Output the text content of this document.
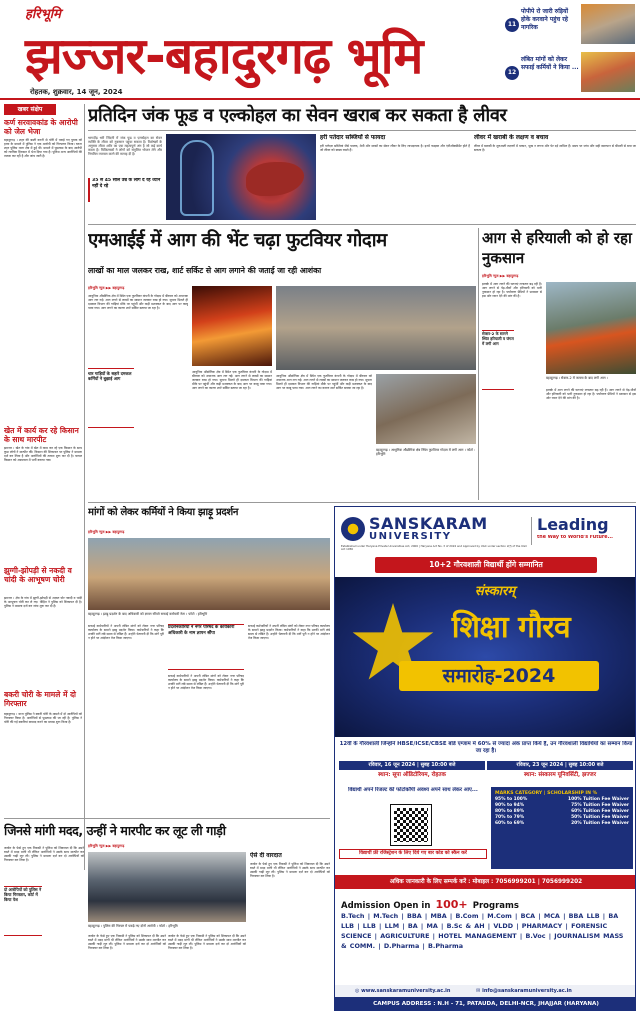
हरिभूमि
झज्जर-बहादुरगढ़ भूमि
रोहतक, शुक्रवार, 14 जून, 2024
11
पोपीपे रो जारी रुड़ियों होके करवाने पहुंच रहे नागरिक
12
लंबित मांगों को लेकर सफाई कर्मियों ने किया ...
खबर संक्षेप
कर्ण सरवावकांड के आरोपी को जेल भेजा
बहादुरगढ़ । शहर की बस्ती करनी से चोरी में पकड़े गए युवक को हत्या के मामले में पुलिस ने एक आरोपी को गिरफ्तार किया। घटना शहर पुलिस थाना क्षेत्र में हुई थी। मामले में पूछताछ के बाद आरोपी को न्यायिक हिरासत में भेज दिया गया है। पुलिस अन्य आरोपियों की तलाश कर रही है और जांच जारी है।
खेत में कार्य कर रहे किसान के साथ मारपीट
झज्जर । खेत के गांव में खेत में काम कर रहे एक किसान के साथ कुछ लोगों ने मारपीट की। किसान की शिकायत पर पुलिस ने मामला दर्ज कर लिया है और आरोपियों की तलाश शुरू कर दी है। घायल किसान को अस्पताल में भर्ती कराया गया।
झुग्गी-झोपड़ी से नकदी व चांदी के आभूषण चोरी
झज्जर । क्षेत्र के गांव में झुग्गी-झोपड़ी से अज्ञात चोर नकदी व चांदी के आभूषण चोरी कर ले गए। पीड़ित ने पुलिस को शिकायत दी है। पुलिस ने मामला दर्ज कर जांच शुरू कर दी है।
बकरी चोरी के मामले में दो गिरफ्तार
बहादुरगढ़ । थाना पुलिस ने बकरी चोरी के मामले में दो आरोपियों को गिरफ्तार किया है। आरोपियों से पूछताछ की जा रही है। पुलिस ने चोरी की गई बकरियां बरामद करने का प्रयास शुरू किया है।
प्रतिदिन जंक फूड व एल्कोहल का सेवन खराब कर सकता है लीवर
भागदौड़ भरी जिंदगी में जंक फूड व एल्कोहल का सेवन व्यक्ति के लीवर को नुकसान पहुंचा सकता है। विशेषज्ञों के अनुसार लीवर शरीर का एक महत्वपूर्ण अंग है जो कई कार्य करता है। चिकित्सकों ने लोगों को संतुलित भोजन लेने और नियमित व्यायाम करने की सलाह दी है।
35 से 45 साल उम्र के लोग दे रहे ध्यान नहीं दे रहे
हरी पतेदार सब्जियों से फायदा
हरी पत्तेदार सब्जियां जैसे पालक, मेथी और सरसों का सेवन लीवर के लिए लाभदायक है। इनमें फाइबर और एंटीऑक्सीडेंट होते हैं जो लीवर को स्वस्थ रखते हैं।
लीवर में खराबी के लक्षण व बचाव
लीवर में खराबी के शुरुआती लक्षणों में थकान, भूख न लगना और पेट दर्द शामिल हैं। समय पर जांच और सही खानपान से बीमारी से बचा जा सकता है।
एमआईई में आग की भेंट चढ़ा फुटवियर गोदाम
लाखों का माल जलकर राख, शार्ट सर्किट से आग लगाने की जताई जा रही आशंका
हरिभूमि न्यूज ▶▶ बहादुरगढ़
आधुनिक औद्योगिक क्षेत्र में स्थित एक फुटवियर कंपनी के गोदाम में बीरवार को अचानक आग लग गई। आग लगने से लाखों का सामान जलकर राख हो गया। सूचना मिलते ही दमकल विभाग की गाड़ियां मौके पर पहुंचीं और कड़ी मशक्कत के बाद आग पर काबू पाया गया। आग लगने का कारण शार्ट सर्किट बताया जा रहा है।
चार गाड़ियों के सहारे दमकल कर्मियों ने बुझाई आग
आधुनिक औद्योगिक क्षेत्र में स्थित एक फुटवियर कंपनी के गोदाम में बीरवार को अचानक आग लग गई। आग लगने से लाखों का सामान जलकर राख हो गया। सूचना मिलते ही दमकल विभाग की गाड़ियां मौके पर पहुंचीं और कड़ी मशक्कत के बाद आग पर काबू पाया गया। आग लगने का कारण शार्ट सर्किट बताया जा रहा है।
आधुनिक औद्योगिक क्षेत्र में स्थित एक फुटवियर कंपनी के गोदाम में बीरवार को अचानक आग लग गई। आग लगने से लाखों का सामान जलकर राख हो गया। सूचना मिलते ही दमकल विभाग की गाड़ियां मौके पर पहुंचीं और कड़ी मशक्कत के बाद आग पर काबू पाया गया। आग लगने का कारण शार्ट सर्किट बताया जा रहा है।
बहादुरगढ़ । आधुनिक औद्योगिक क्षेत्र स्थित फुटवियर गोदाम में लगी आग । फोटो : हरिभूमि
आग से हरियाली को हो रहा नुकसान
हरिभूमि न्यूज ▶▶ बहादुरगढ़
इलाके में आग लगने की घटनाएं लगातार बढ़ रही हैं। आग लगने से पेड़-पौधों और हरियाली को भारी नुकसान हो रहा है। पर्यावरण प्रेमियों ने प्रशासन से इस ओर ध्यान देने की मांग की है।
सेक्टर-2 के सामने स्थित हरियाली व जंगल में लगी आग
बहादुरगढ़ । सेक्टर-2 में जलता के बाद लगी आग ।
इलाके में आग लगने की घटनाएं लगातार बढ़ रही हैं। आग लगने से पेड़-पौधों और हरियाली को भारी नुकसान हो रहा है। पर्यावरण प्रेमियों ने प्रशासन से इस ओर ध्यान देने की मांग की है।
मांगों को लेकर कर्मियों ने किया झाड़ू प्रदर्शन
हरिभूमि न्यूज ▶▶ बहादुरगढ़
बहादुरगढ़ । झाड़ू प्रदर्शन के बाद अधिकारी को ज्ञापन सौंपते सफाई कर्मचारी नेता । फोटो : हरिभूमि
सफाई कर्मचारियों ने अपनी लंबित मांगों को लेकर नगर परिषद कार्यालय के सामने झाड़ू प्रदर्शन किया। कर्मचारियों ने कहा कि उनकी मांगें लंबे समय से लंबित हैं। उन्होंने चेतावनी दी कि मांगें पूरी न होने पर आंदोलन तेज किया जाएगा।
प्रदर्शनकारियों ने नगर परिषद के कार्यकारी अधिकारी के नाम ज्ञापन सौंपा
सफाई कर्मचारियों ने अपनी लंबित मांगों को लेकर नगर परिषद कार्यालय के सामने झाड़ू प्रदर्शन किया। कर्मचारियों ने कहा कि उनकी मांगें लंबे समय से लंबित हैं। उन्होंने चेतावनी दी कि मांगें पूरी न होने पर आंदोलन तेज किया जाएगा।
सफाई कर्मचारियों ने अपनी लंबित मांगों को लेकर नगर परिषद कार्यालय के सामने झाड़ू प्रदर्शन किया। कर्मचारियों ने कहा कि उनकी मांगें लंबे समय से लंबित हैं। उन्होंने चेतावनी दी कि मांगें पूरी न होने पर आंदोलन तेज किया जाएगा।
जिनसे मांगी मदद, उन्हीं ने मारपीट कर लूट ली गाड़ी
हरिभूमि न्यूज ▶▶ बहादुरगढ़
जरबेन के फेसे हुए एक निवासी ने पुलिस को शिकायत दी कि उसने रास्ते में मदद मांगी थी लेकिन आरोपियों ने उसके साथ मारपीट कर उसकी गाड़ी लूट ली। पुलिस ने मामला दर्ज कर दो आरोपियों को गिरफ्तार कर लिया है।
दो आरोपियों को पुलिस ने किया गिरफ्तार, कोर्ट में किया पेश
बहादुरगढ़ । पुलिस की गिरफ्त में पकड़े गए दोनों आरोपी । फोटो : हरिभूमि
जरबेन के फेसे हुए एक निवासी ने पुलिस को शिकायत दी कि उसने रास्ते में मदद मांगी थी लेकिन आरोपियों ने उसके साथ मारपीट कर उसकी गाड़ी लूट ली। पुलिस ने मामला दर्ज कर दो आरोपियों को गिरफ्तार कर लिया है।
जरबेन के फेसे हुए एक निवासी ने पुलिस को शिकायत दी कि उसने रास्ते में मदद मांगी थी लेकिन आरोपियों ने उसके साथ मारपीट कर उसकी गाड़ी लूट ली। पुलिस ने मामला दर्ज कर दो आरोपियों को गिरफ्तार कर लिया है।
ऐसे दी वारदात
जरबेन के फेसे हुए एक निवासी ने पुलिस को शिकायत दी कि उसने रास्ते में मदद मांगी थी लेकिन आरोपियों ने उसके साथ मारपीट कर उसकी गाड़ी लूट ली। पुलिस ने मामला दर्ज कर दो आरोपियों को गिरफ्तार कर लिया है।
SANSKARAM
UNIVERSITY
Leading
the Way to World's Future...
Established under Haryana Private Universities Act, 2006 | Haryana Act No. 3 of 2024 and Approved by UGC under section 2(f) of the UGC Act 1956
10+2 गौरवशाली विद्यार्थी होंगे सम्मानित
संस्कारम्
शिक्षा गौरव
समारोह-2024
12वीं के गौरवशाली जिन्होंने HBSE/ICSE/CBSE बोर्ड एग्जाम में 60% से ज्यादा अंक प्राप्त किये हैं, उन गौरवशाली विद्यार्थियों का सम्मान किया जा रहा है।
रविवार, 16 जून 2024 | सुबह 10:00 बजे
स्थान: सूपा ऑडिटोरियम, रोहतक
रविवार, 23 जून 2024 | सुबह 10:00 बजे
स्थान: संस्कारम यूनिवर्सिटी, झज्जर
विद्यार्थी अपने रिजल्ट की फोटोकॉपी अवश्य अपने साथ लेकर आए...
विद्यार्थी फ्री रजिस्ट्रेशन के लिए दिये गए बार कोड को स्कैन करें
MARKS CATEGORY | SCHOLARSHIP IN %
95% to 100%	100% Tuition Fee Waiver
90% to 94%	75% Tuition Fee Waiver
80% to 89%	60% Tuition Fee Waiver
70% to 79%	50% Tuition Fee Waiver
60% to 69%	20% Tuition Fee Waiver
अधिक जानकारी के लिए सम्पर्क करें : मोबाइल : 7056999201 | 7056999202
Admission Open in 100+ Programs
B.Tech | M.Tech | BBA | MBA | B.Com | M.Com | BCA | MCA | BBA LLB | BA LLB | LLB | LLM | BA | MA | B.Sc & AH | VLDD | PHARMACY | FORENSIC SCIENCE | AGRICULTURE | HOTEL MANAGEMENT | B.Voc | JOURNALISM MASS & COMM. | D.Pharma | B.Pharma
◎ www.sanskaramuniversity.ac.in	✉ info@sanskaramuniversity.ac.in
CAMPUS ADDRESS : N.H - 71, PATAUDA, DELHI-NCR, JHAJJAR (HARYANA)
